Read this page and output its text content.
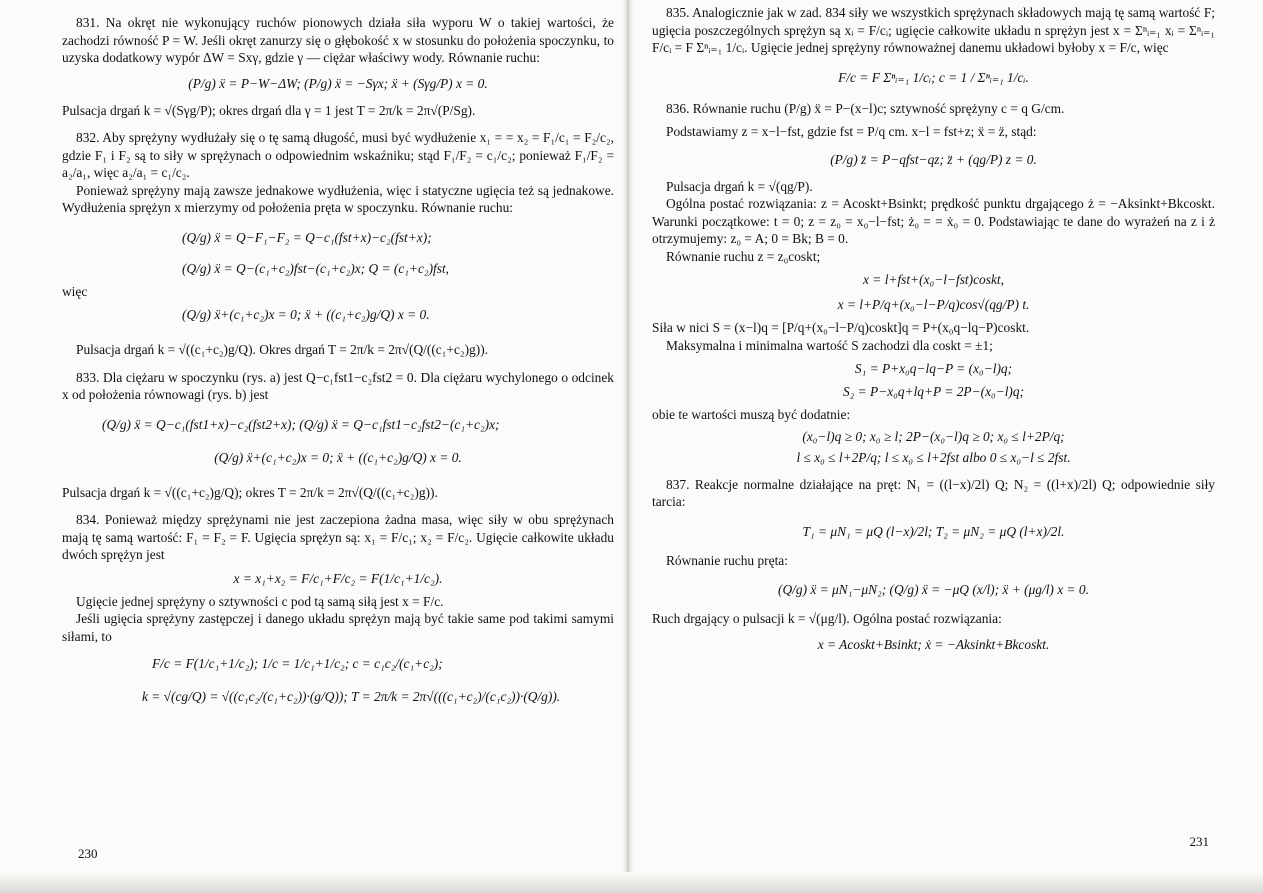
831. Na okręt nie wykonujący ruchów pionowych działa siła wyporu W o takiej wartości, że zachodzi równość P = W. Jeśli okręt zanurzy się o głębokość x w stosunku do położenia spoczynku, to uzyska dodatkowy wypór ΔW = Sxγ, gdzie γ — ciężar właściwy wody. Równanie ruchu:

(P/g) ẍ = P−W−ΔW; (P/g) ẍ = −Sγx; ẍ + (Sγg/P) x = 0.

Pulsacja drgań k = √(Sγg/P); okres drgań dla γ = 1 jest T = 2π/k = 2π√(P/Sg).

832. Aby sprężyny wydłużały się o tę samą długość, musi być wydłużenie x₁ = = x₂ = F₁/c₁ = F₂/c₂, gdzie F₁ i F₂ są to siły w sprężynach o odpowiednim wskaźniku; stąd F₁/F₂ = c₁/c₂; ponieważ F₁/F₂ = a₂/a₁, więc a₂/a₁ = c₁/c₂.

Ponieważ sprężyny mają zawsze jednakowe wydłużenia, więc i statyczne ugięcia też są jednakowe. Wydłużenia sprężyn x mierzymy od położenia pręta w spoczynku. Równanie ruchu:

(Q/g) ẍ = Q−F₁−F₂ = Q−c₁(fst+x)−c₂(fst+x);
(Q/g) ẍ = Q−(c₁+c₂)fst−(c₁+c₂)x; Q = (c₁+c₂)fst,

więc

(Q/g) ẍ+(c₁+c₂)x = 0; ẍ + ((c₁+c₂)g/Q) x = 0.

Pulsacja drgań k = √((c₁+c₂)g/Q). Okres drgań T = 2π/k = 2π√(Q/((c₁+c₂)g)).

833. Dla ciężaru w spoczynku (rys. a) jest Q−c₁fst1−c₂fst2 = 0. Dla ciężaru wychylonego o odcinek x od położenia równowagi (rys. b) jest

(Q/g) ẍ = Q−c₁(fst1+x)−c₂(fst2+x); (Q/g) ẍ = Q−c₁fst1−c₂fst2−(c₁+c₂)x;
(Q/g) ẍ+(c₁+c₂)x = 0; ẍ + ((c₁+c₂)g/Q) x = 0.

Pulsacja drgań k = √((c₁+c₂)g/Q); okres T = 2π/k = 2π√(Q/((c₁+c₂)g)).

834. Ponieważ między sprężynami nie jest zaczepiona żadna masa, więc siły w obu sprężynach mają tę samą wartość: F₁ = F₂ = F. Ugięcia sprężyn są: x₁ = F/c₁; x₂ = F/c₂. Ugięcie całkowite układu dwóch sprężyn jest

x = x₁+x₂ = F/c₁+F/c₂ = F(1/c₁+1/c₂).

Ugięcie jednej sprężyny o sztywności c pod tą samą siłą jest x = F/c.

Jeśli ugięcia sprężyny zastępczej i danego układu sprężyn mają być takie same pod takimi samymi siłami, to

F/c = F(1/c₁+1/c₂); 1/c = 1/c₁+1/c₂; c = c₁c₂/(c₁+c₂);
k = √(cg/Q) = √((c₁c₂/(c₁+c₂))·(g/Q)); T = 2π/k = 2π√(((c₁+c₂)/(c₁c₂))·(Q/g)).
230

835. Analogicznie jak w zad. 834 siły we wszystkich sprężynach składowych mają tę samą wartość F; ugięcia poszczególnych sprężyn są xᵢ = F/cᵢ; ugięcie całkowite układu n sprężyn jest x = Σⁿᵢ₌₁ xᵢ = Σⁿᵢ₌₁ F/cᵢ = F Σⁿᵢ₌₁ 1/cᵢ. Ugięcie jednej sprężyny równoważnej danemu układowi byłoby x = F/c, więc

F/c = F Σⁿᵢ₌₁ 1/cᵢ; c = 1 / Σⁿᵢ₌₁ 1/cᵢ.

836. Równanie ruchu (P/g) ẍ = P−(x−l)c; sztywność sprężyny c = q G/cm.

Podstawiamy z = x−l−fst, gdzie fst = P/q cm. x−l = fst+z; ẍ = z̈, stąd:

(P/g) z̈ = P−qfst−qz; z̈ + (qg/P) z = 0.

Pulsacja drgań k = √(qg/P).

Ogólna postać rozwiązania: z = Acoskt+Bsinkt; prędkość punktu drgającego ż = −Aksinkt+Bkcoskt. Warunki początkowe: t = 0; z = z₀ = x₀−l−fst; ż₀ = = ẋ₀ = 0. Podstawiając te dane do wyrażeń na z i ż otrzymujemy: z₀ = A; 0 = Bk; B = 0.

Równanie ruchu z = z₀coskt;

x = l+fst+(x₀−l−fst)coskt,
x = l+P/q+(x₀−l−P/q)cos√(qg/P) t.

Siła w nici S = (x−l)q = [P/q+(x₀−l−P/q)coskt]q = P+(x₀q−lq−P)coskt.

Maksymalna i minimalna wartość S zachodzi dla coskt = ±1;

S₁ = P+x₀q−lq−P = (x₀−l)q;
S₂ = P−x₀q+lq+P = 2P−(x₀−l)q;

obie te wartości muszą być dodatnie:

(x₀−l)q ≥ 0; x₀ ≥ l; 2P−(x₀−l)q ≥ 0; x₀ ≤ l+2P/q;
l ≤ x₀ ≤ l+2P/q; l ≤ x₀ ≤ l+2fst albo 0 ≤ x₀−l ≤ 2fst.

837. Reakcje normalne działające na pręt: N₁ = ((l−x)/2l) Q; N₂ = ((l+x)/2l) Q; odpowiednie siły tarcia:

T₁ = μN₁ = μQ (l−x)/2l; T₂ = μN₂ = μQ (l+x)/2l.

Równanie ruchu pręta:

(Q/g) ẍ = μN₁−μN₂; (Q/g) ẍ = −μQ (x/l); ẍ + (μg/l) x = 0.

Ruch drgający o pulsacji k = √(μg/l). Ogólna postać rozwiązania:

x = Acoskt+Bsinkt; ẋ = −Aksinkt+Bkcoskt.
231
